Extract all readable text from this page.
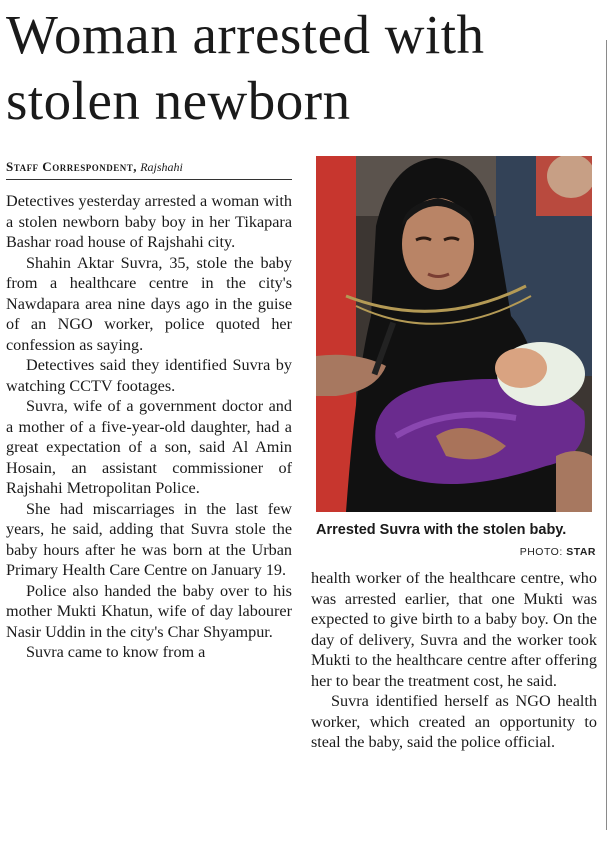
Woman arrested with
stolen newborn
Staff Correspondent, Rajshahi

Detectives yesterday arrested a woman with a stolen newborn baby boy in her Tikapara Bashar road house of Rajshahi city.

Shahin Aktar Suvra, 35, stole the baby from a healthcare centre in the city's Nawdapara area nine days ago in the guise of an NGO worker, police quoted her confession as saying.

Detectives said they identified Suvra by watching CCTV footages.

Suvra, wife of a government doctor and a mother of a five-year-old daughter, had a great expectation of a son, said Al Amin Hosain, an assistant commissioner of Rajshahi Metropolitan Police.

She had miscarriages in the last few years, he said, adding that Suvra stole the baby hours after he was born at the Urban Primary Health Care Centre on January 19.

Police also handed the baby over to his mother Mukti Khatun, wife of day labourer Nasir Uddin in the city's Char Shyampur.

Suvra came to know from a

Arrested Suvra with the stolen baby.
PHOTO: STAR

health worker of the healthcare centre, who was arrested earlier, that one Mukti was expected to give birth to a baby boy. On the day of delivery, Suvra and the worker took Mukti to the healthcare centre after offering her to bear the treatment cost, he said.

Suvra identified herself as NGO health worker, which created an opportunity to steal the baby, said the police official.
